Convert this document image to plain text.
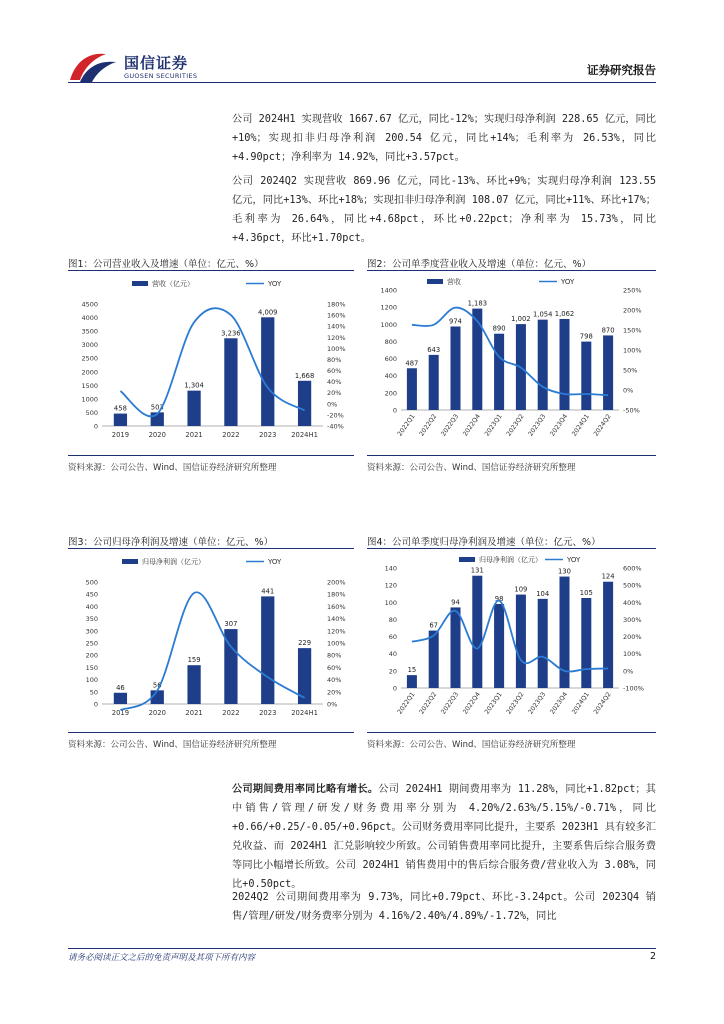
国信证券
GUOSEN SECURITIES	证券研究报告
公司 2024H1 实现营收 1667.67 亿元，同比-12%；实现归母净利润 228.65 亿元，同比+10%；实现扣非归母净利润 200.54 亿元，同比+14%；毛利率为 26.53%，同比+4.90pct；净利率为 14.92%，同比+3.57pct。
公司 2024Q2 实现营收 869.96 亿元，同比-13%、环比+9%；实现归母净利润 123.55 亿元，同比+13%、环比+18%；实现扣非归母净利润 108.07 亿元，同比+11%、环比+17%；毛利率为 26.64%，同比+4.68pct，环比+0.22pct；净利率为 15.73%，同比+4.36pct，环比+1.70pct。
图1：公司营业收入及增速（单位：亿元、%）
0
500
1000
1500
2000
2500
3000
3500
4000
4500
-40%
-20%
0%
20%
40%
60%
80%
100%
120%
140%
160%
180%
营收（亿元）	YOY
458
2019
503
2020
1,304
2021
3,236
2022
4,009
2023
1,668
2024H1
资料来源：公司公告、Wind、国信证券经济研究所整理
图2：公司单季度营业收入及增速（单位：亿元、%）
0
200
400
600
800
1000
1200
1400
-50%
0%
50%
100%
150%
200%
250%
营收	YOY
487
2022Q1
643
2022Q2
974
2022Q3
1,183
2022Q4
890
2023Q1
1,002
2023Q2
1,054
2023Q3
1,062
2023Q4
798
2024Q1
870
2024Q2
资料来源：公司公告、Wind、国信证券经济研究所整理
图3：公司归母净利润及增速（单位：亿元、%）
0
50
100
150
200
250
300
350
400
450
500
0%
20%
40%
60%
80%
100%
120%
140%
160%
180%
200%
归母净利润（亿元）	YOY
46
2019
56
2020
159
2021
307
2022
441
2023
229
2024H1
资料来源：公司公告、Wind、国信证券经济研究所整理
图4：公司单季度归母净利润及增速（单位：亿元、%）
0
20
40
60
80
100
120
140
-100%
0%
100%
200%
300%
400%
500%
600%
归母净利润（亿元）	YOY
15
2022Q1
67
2022Q2
94
2022Q3
131
2022Q4
98
2023Q1
109
2023Q2
104
2023Q3
130
2023Q4
105
2024Q1
124
2024Q2
资料来源：公司公告、Wind、国信证券经济研究所整理
公司期间费用率同比略有增长。公司 2024H1 期间费用率为 11.28%，同比+1.82pct；其中销售/管理/研发/财务费用率分别为 4.20%/2.63%/5.15%/-0.71%，同比+0.66/+0.25/-0.05/+0.96pct。公司财务费用率同比提升，主要系 2023H1 具有较多汇兑收益、而 2024H1 汇兑影响较少所致。公司销售费用率同比提升，主要系售后综合服务费等同比小幅增长所致。公司 2024H1 销售费用中的售后综合服务费/营业收入为 3.08%，同比+0.50pct。
2024Q2 公司期间费用率为 9.73%，同比+0.79pct、环比-3.24pct。公司 2023Q4 销售/管理/研发/财务费率分别为 4.16%/2.40%/4.89%/-1.72%，同比
请务必阅读正文之后的免责声明及其项下所有内容	2
